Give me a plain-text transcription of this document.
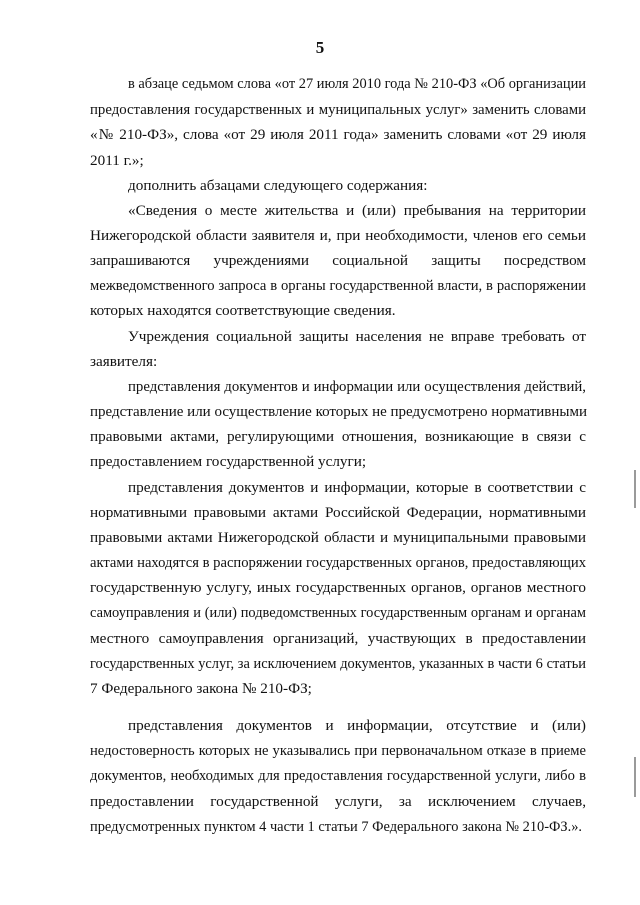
5
в абзаце седьмом слова «от 27 июля 2010 года № 210-ФЗ «Об организации
предоставления государственных и муниципальных услуг» заменить словами
«№ 210-ФЗ», слова «от 29 июля 2011 года» заменить словами «от 29 июля
2011 г.»;
дополнить абзацами следующего содержания:
«Сведения о месте жительства и (или) пребывания на территории
Нижегородской области заявителя и, при необходимости, членов его семьи
запрашиваются учреждениями социальной защиты посредством
межведомственного запроса в органы государственной власти, в распоряжении
которых находятся соответствующие сведения.
Учреждения социальной защиты населения не вправе требовать от
заявителя:
представления документов и информации или осуществления действий,
представление или осуществление которых не предусмотрено нормативными
правовыми актами, регулирующими отношения, возникающие в связи с
предоставлением государственной услуги;
представления документов и информации, которые в соответствии с
нормативными правовыми актами Российской Федерации, нормативными
правовыми актами Нижегородской области и муниципальными правовыми
актами находятся в распоряжении государственных органов, предоставляющих
государственную услугу, иных государственных органов, органов местного
самоуправления и (или) подведомственных государственным органам и органам
местного самоуправления организаций, участвующих в предоставлении
государственных услуг, за исключением документов, указанных в части 6 статьи
7 Федерального закона № 210-ФЗ;
представления документов и информации, отсутствие и (или)
недостоверность которых не указывались при первоначальном отказе в приеме
документов, необходимых для предоставления государственной услуги, либо в
предоставлении государственной услуги, за исключением случаев,
предусмотренных пунктом 4 части 1 статьи 7 Федерального закона № 210-ФЗ.».
